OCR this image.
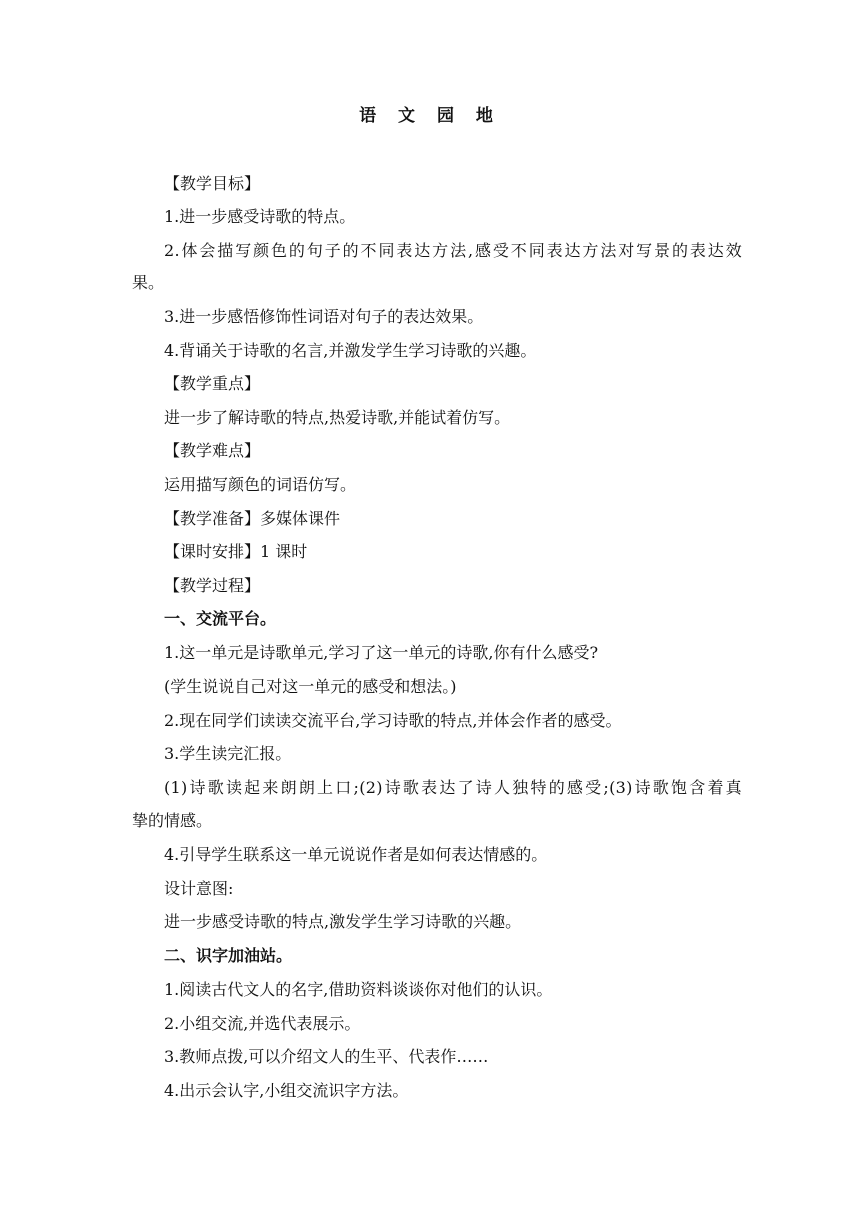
语 文 园 地
【教学目标】
1.进一步感受诗歌的特点。
2.体会描写颜色的句子的不同表达方法,感受不同表达方法对写景的表达效
果。
3.进一步感悟修饰性词语对句子的表达效果。
4.背诵关于诗歌的名言,并激发学生学习诗歌的兴趣。
【教学重点】
进一步了解诗歌的特点,热爱诗歌,并能试着仿写。
【教学难点】
运用描写颜色的词语仿写。
【教学准备】多媒体课件
【课时安排】1 课时
【教学过程】
一、交流平台。
1.这一单元是诗歌单元,学习了这一单元的诗歌,你有什么感受?
(学生说说自己对这一单元的感受和想法。)
2.现在同学们读读交流平台,学习诗歌的特点,并体会作者的感受。
3.学生读完汇报。
(1)诗歌读起来朗朗上口;(2)诗歌表达了诗人独特的感受;(3)诗歌饱含着真
挚的情感。
4.引导学生联系这一单元说说作者是如何表达情感的。
设计意图:
进一步感受诗歌的特点,激发学生学习诗歌的兴趣。
二、识字加油站。
1.阅读古代文人的名字,借助资料谈谈你对他们的认识。
2.小组交流,并选代表展示。
3.教师点拨,可以介绍文人的生平、代表作……
4.出示会认字,小组交流识字方法。
